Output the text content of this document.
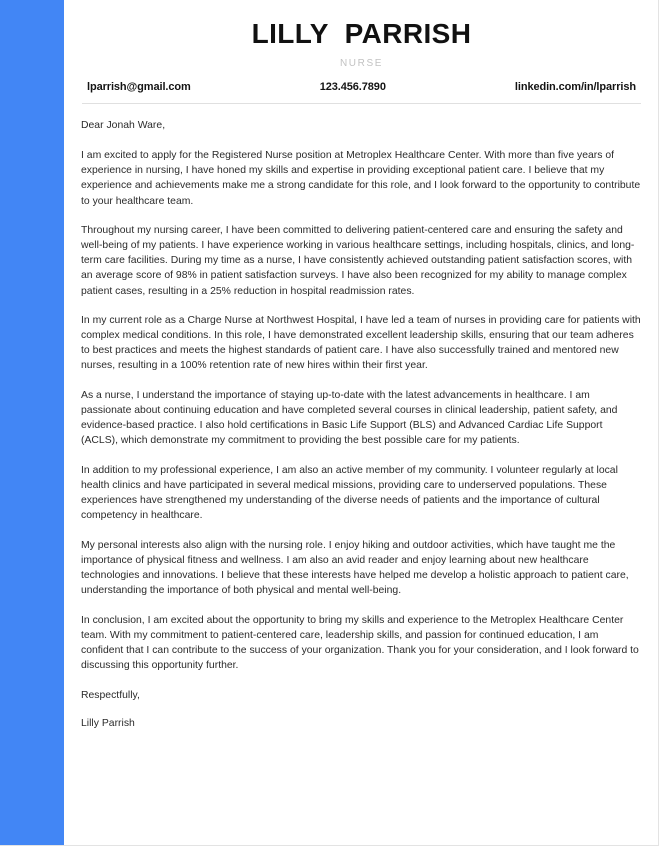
LILLY  PARRISH
NURSE
lparrish@gmail.com	123.456.7890	linkedin.com/in/lparrish

Dear Jonah Ware,

I am excited to apply for the Registered Nurse position at Metroplex Healthcare Center. With more than five years of experience in nursing, I have honed my skills and expertise in providing exceptional patient care. I believe that my experience and achievements make me a strong candidate for this role, and I look forward to the opportunity to contribute to your healthcare team.

Throughout my nursing career, I have been committed to delivering patient-centered care and ensuring the safety and well-being of my patients. I have experience working in various healthcare settings, including hospitals, clinics, and long-term care facilities. During my time as a nurse, I have consistently achieved outstanding patient satisfaction scores, with an average score of 98% in patient satisfaction surveys. I have also been recognized for my ability to manage complex patient cases, resulting in a 25% reduction in hospital readmission rates.

In my current role as a Charge Nurse at Northwest Hospital, I have led a team of nurses in providing care for patients with complex medical conditions. In this role, I have demonstrated excellent leadership skills, ensuring that our team adheres to best practices and meets the highest standards of patient care. I have also successfully trained and mentored new nurses, resulting in a 100% retention rate of new hires within their first year.

As a nurse, I understand the importance of staying up-to-date with the latest advancements in healthcare. I am passionate about continuing education and have completed several courses in clinical leadership, patient safety, and evidence-based practice. I also hold certifications in Basic Life Support (BLS) and Advanced Cardiac Life Support (ACLS), which demonstrate my commitment to providing the best possible care for my patients.

In addition to my professional experience, I am also an active member of my community. I volunteer regularly at local health clinics and have participated in several medical missions, providing care to underserved populations. These experiences have strengthened my understanding of the diverse needs of patients and the importance of cultural competency in healthcare.

My personal interests also align with the nursing role. I enjoy hiking and outdoor activities, which have taught me the importance of physical fitness and wellness. I am also an avid reader and enjoy learning about new healthcare technologies and innovations. I believe that these interests have helped me develop a holistic approach to patient care, understanding the importance of both physical and mental well-being.

In conclusion, I am excited about the opportunity to bring my skills and experience to the Metroplex Healthcare Center team. With my commitment to patient-centered care, leadership skills, and passion for continued education, I am confident that I can contribute to the success of your organization. Thank you for your consideration, and I look forward to discussing this opportunity further.

Respectfully,

Lilly Parrish
